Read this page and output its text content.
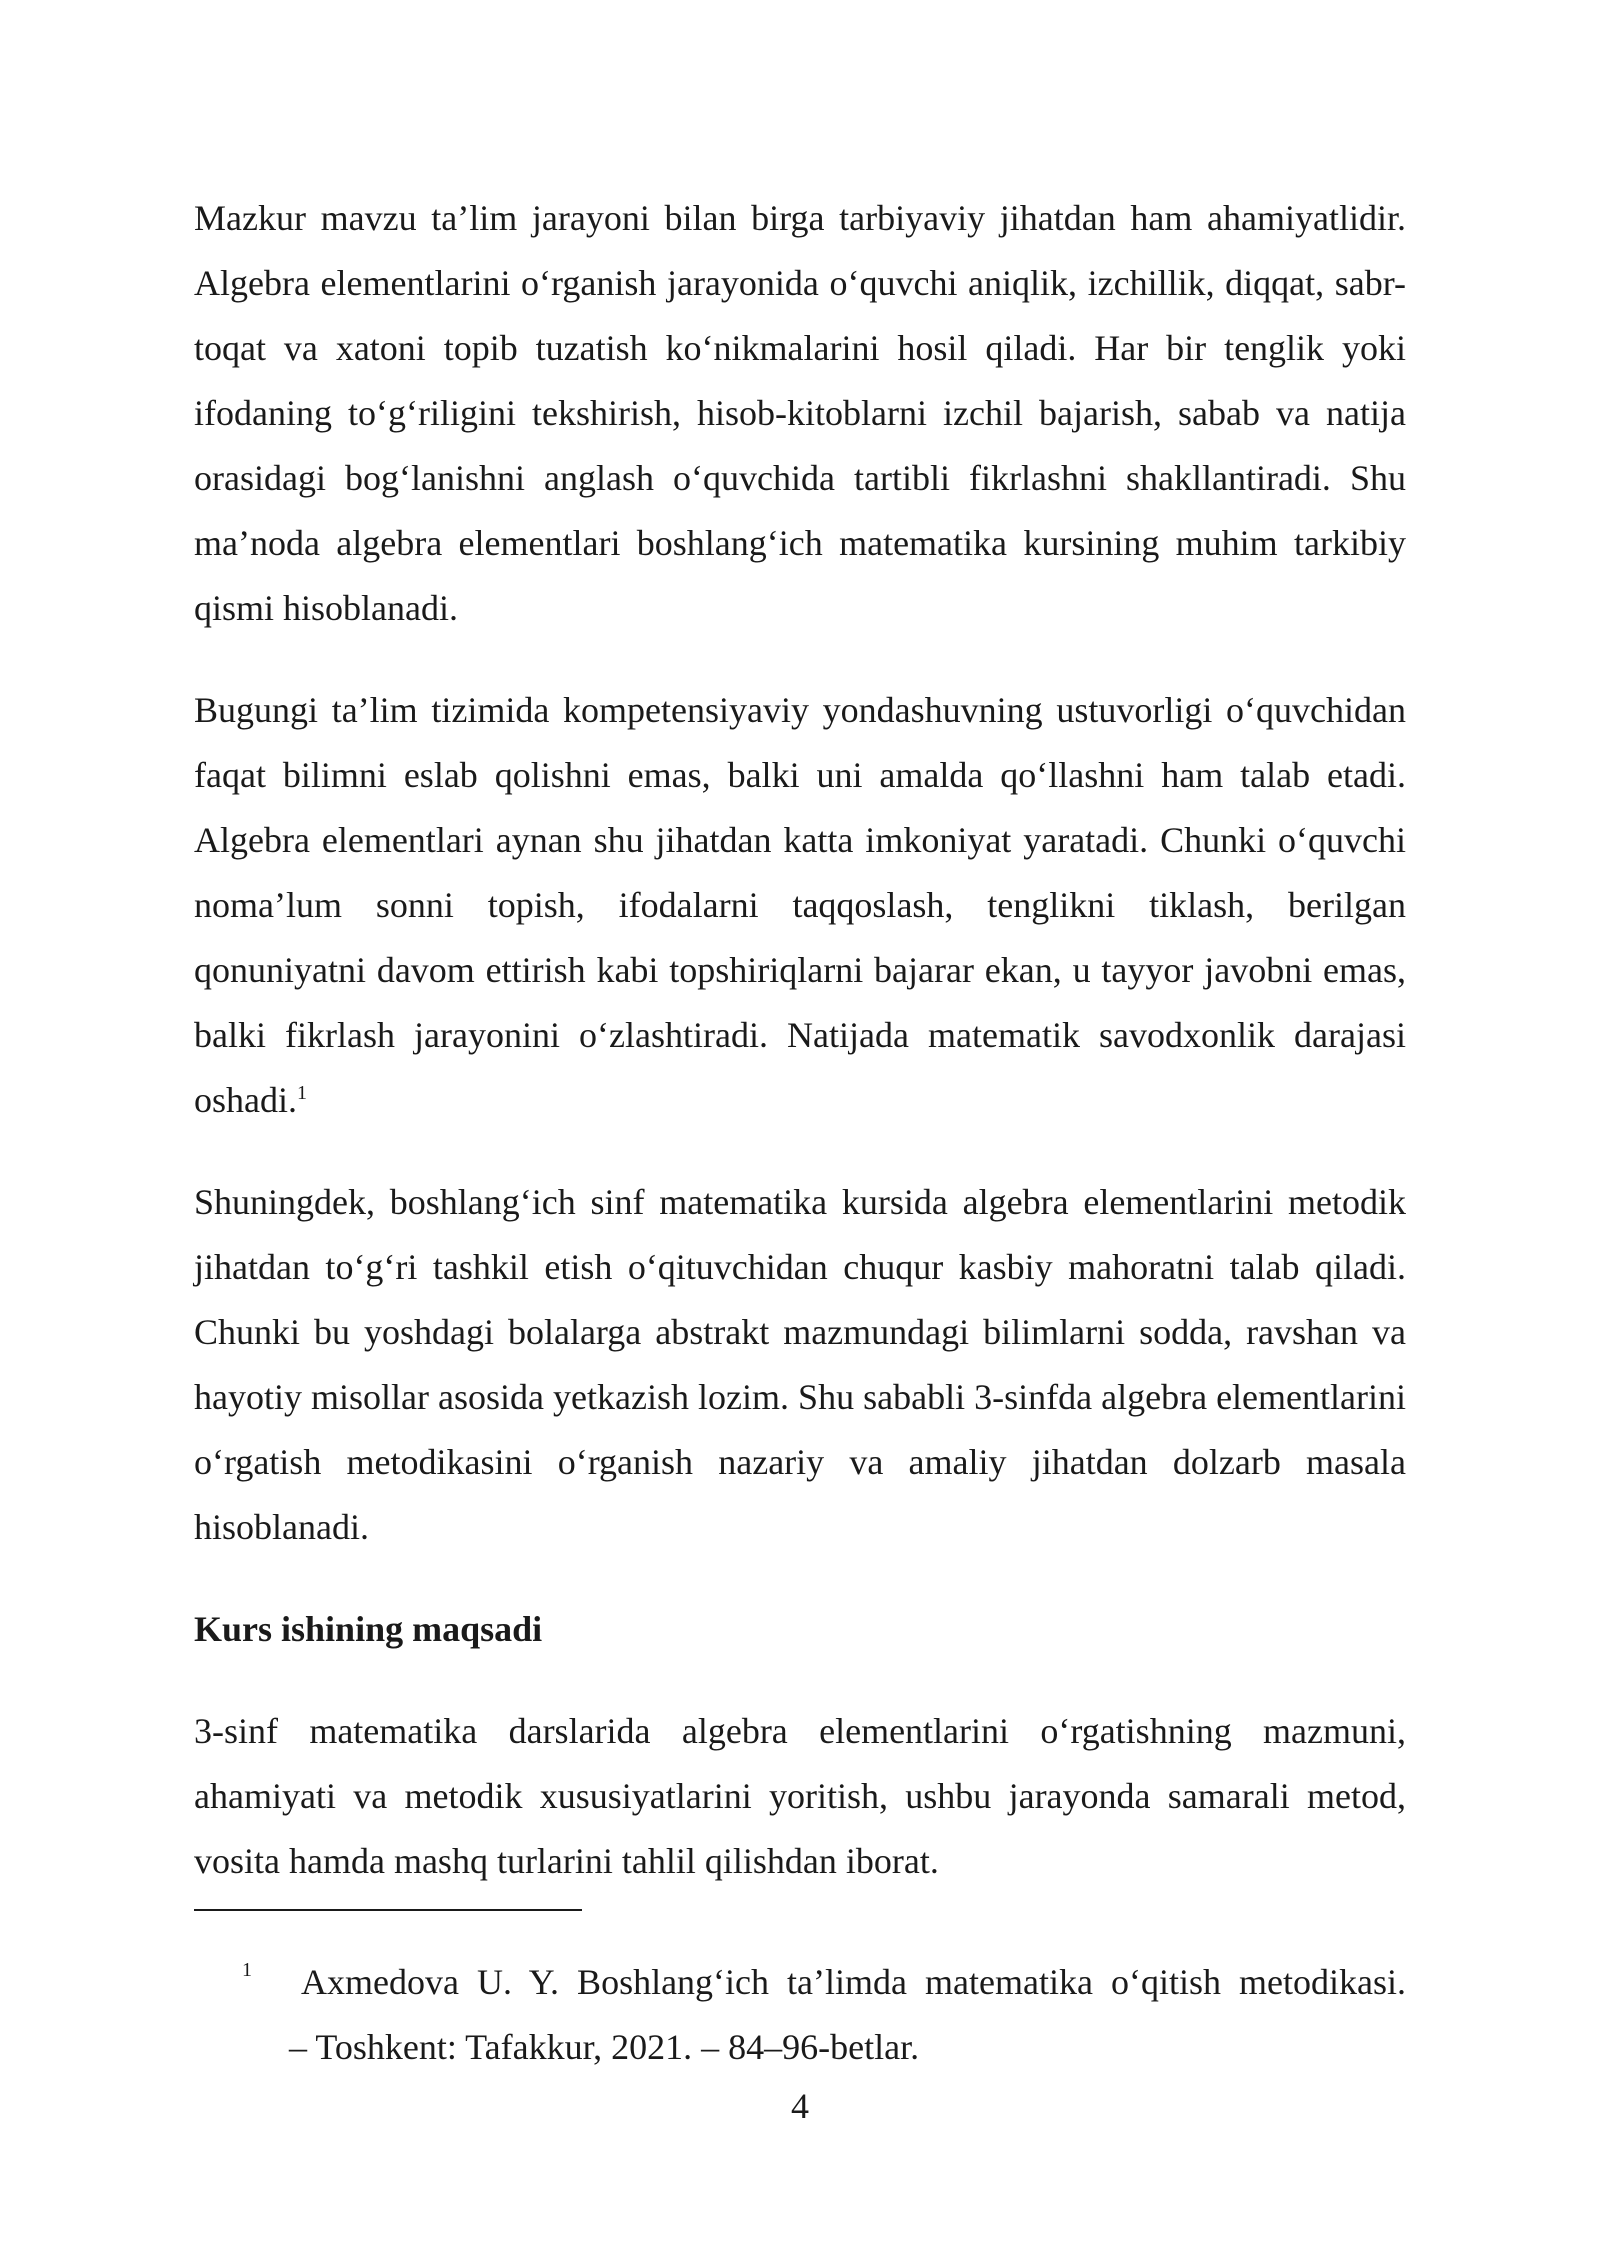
Mazkur mavzu ta’lim jarayoni bilan birga tarbiyaviy jihatdan ham ahamiyatlidir. Algebra elementlarini o‘rganish jarayonida o‘quvchi aniqlik, izchillik, diqqat, sabr-toqat va xatoni topib tuzatish ko‘nikmalarini hosil qiladi. Har bir tenglik yoki ifodaning to‘g‘riligini tekshirish, hisob-kitoblarni izchil bajarish, sabab va natija orasidagi bog‘lanishni anglash o‘quvchida tartibli fikrlashni shakllantiradi. Shu ma’noda algebra elementlari boshlang‘ich matematika kursining muhim tarkibiy qismi hisoblanadi.

Bugungi ta’lim tizimida kompetensiyaviy yondashuvning ustuvorligi o‘quvchidan faqat bilimni eslab qolishni emas, balki uni amalda qo‘llashni ham talab etadi. Algebra elementlari aynan shu jihatdan katta imkoniyat yaratadi. Chunki o‘quvchi noma’lum sonni topish, ifodalarni taqqoslash, tenglikni tiklash, berilgan qonuniyatni davom ettirish kabi topshiriqlarni bajarar ekan, u tayyor javobni emas, balki fikrlash jarayonini o‘zlashtiradi. Natijada matematik savodxonlik darajasi oshadi.$^1$

Shuningdek, boshlang‘ich sinf matematika kursida algebra elementlarini metodik jihatdan to‘g‘ri tashkil etish o‘qituvchidan chuqur kasbiy mahoratni talab qiladi. Chunki bu yoshdagi bolalarga abstrakt mazmundagi bilimlarni sodda, ravshan va hayotiy misollar asosida yetkazish lozim. Shu sababli 3-sinfda algebra elementlarini o‘rgatish metodikasini o‘rganish nazariy va amaliy jihatdan dolzarb masala hisoblanadi.

Kurs ishining maqsadi

3-sinf matematika darslarida algebra elementlarini o‘rgatishning mazmuni, ahamiyati va metodik xususiyatlarini yoritish, ushbu jarayonda samarali metod, vosita hamda mashq turlarini tahlil qilishdan iborat.

1	Axmedova U. Y. Boshlang‘ich ta’limda matematika o‘qitish metodikasi.
– Toshkent: Tafakkur, 2021. – 84–96-betlar.
4
